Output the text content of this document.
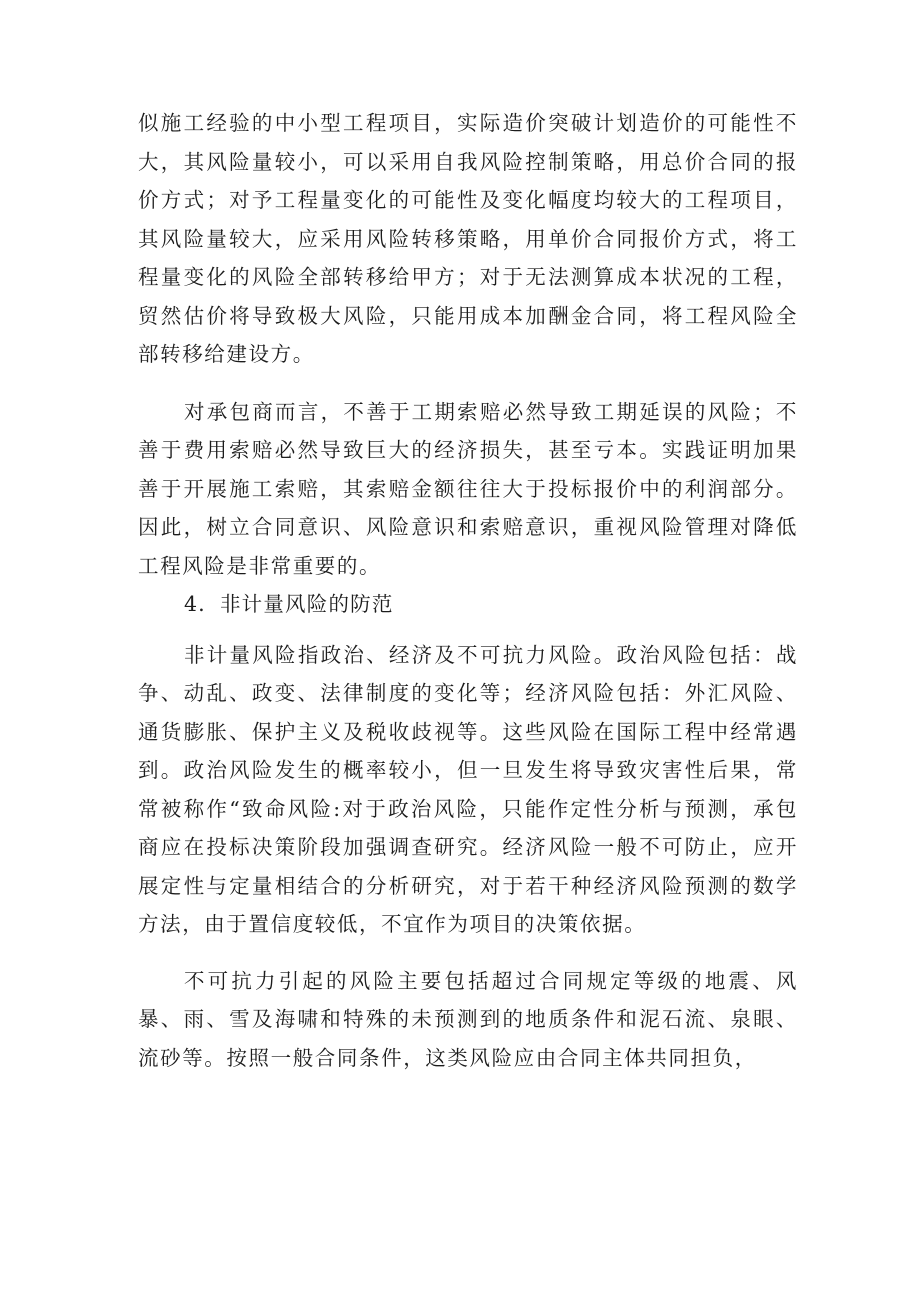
似施工经验的中小型工程项目，实际造价突破计划造价的可能性不大，其风险量较小，可以采用自我风险控制策略，用总价合同的报价方式；对予工程量变化的可能性及变化幅度均较大的工程项目，其风险量较大，应采用风险转移策略，用单价合同报价方式，将工程量变化的风险全部转移给甲方；对于无法测算成本状况的工程，贸然估价将导致极大风险，只能用成本加酬金合同，将工程风险全部转移给建设方。

对承包商而言，不善于工期索赔必然导致工期延误的风险；不善于费用索赔必然导致巨大的经济损失，甚至亏本。实践证明加果善于开展施工索赔，其索赔金额往往大于投标报价中的利润部分。因此，树立合同意识、风险意识和索赔意识，重视风险管理对降低工程风险是非常重要的。

4．非计量风险的防范

非计量风险指政治、经济及不可抗力风险。政治风险包括：战争、动乱、政变、法律制度的变化等；经济风险包括：外汇风险、通货膨胀、保护主义及税收歧视等。这些风险在国际工程中经常遇到。政治风险发生的概率较小，但一旦发生将导致灾害性后果，常常被称作“致命风险:对于政治风险，只能作定性分析与预测，承包商应在投标决策阶段加强调查研究。经济风险一般不可防止，应开展定性与定量相结合的分析研究，对于若干种经济风险预测的数学方法，由于置信度较低，不宜作为项目的决策依据。

不可抗力引起的风险主要包括超过合同规定等级的地震、风暴、雨、雪及海啸和特殊的未预测到的地质条件和泥石流、泉眼、流砂等。按照一般合同条件，这类风险应由合同主体共同担负，
